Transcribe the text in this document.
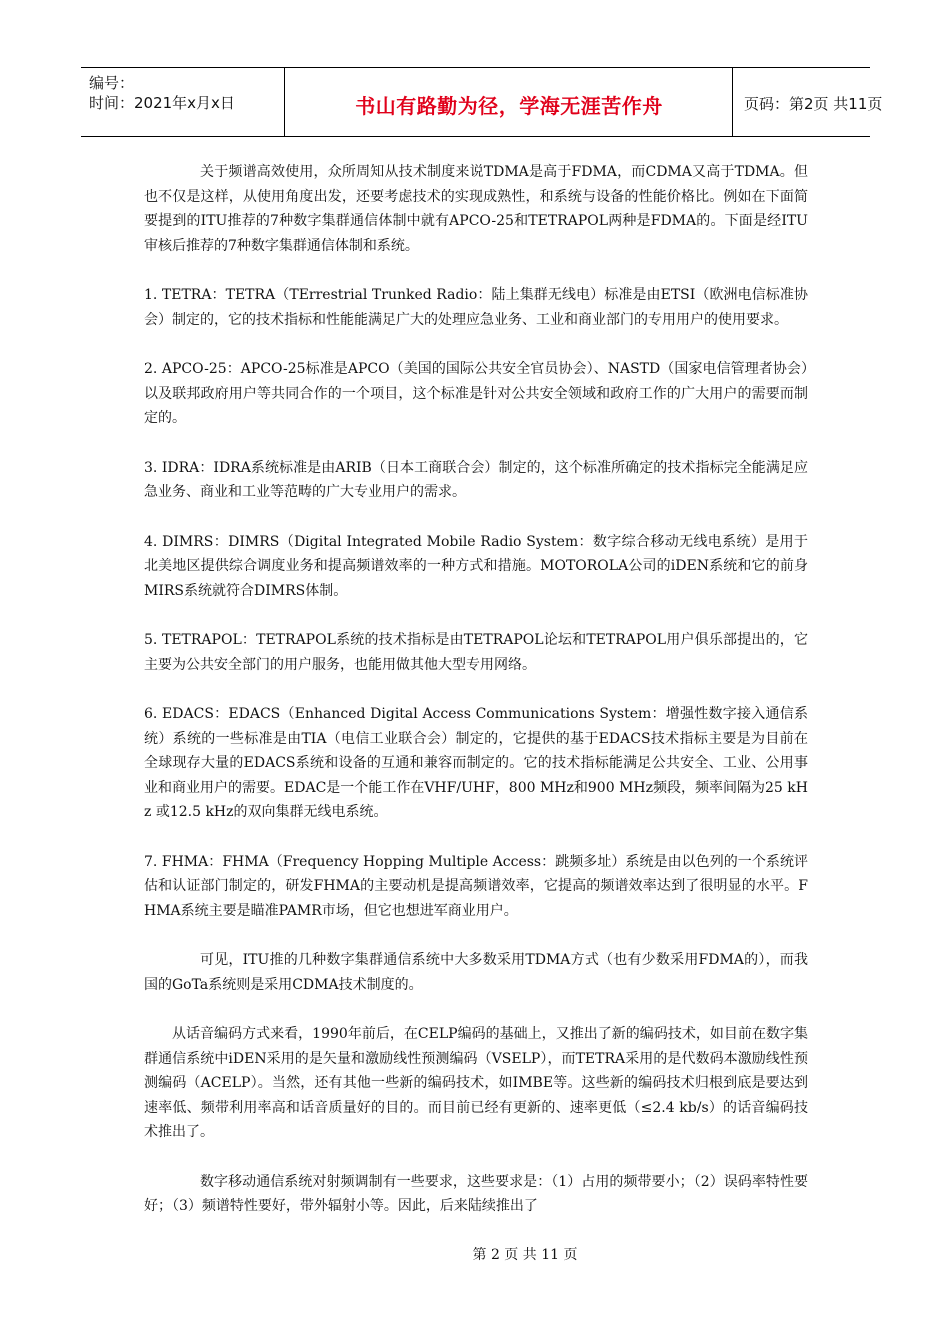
编号：
时间：2021年x月x日	书山有路勤为径，学海无涯苦作舟	页码：第2页 共11页

关于频谱高效使用，众所周知从技术制度来说TDMA是高于FDMA，而CDMA又高于TDMA。但也不仅是这样，从使用角度出发，还要考虑技术的实现成熟性，和系统与设备的性能价格比。例如在下面简要提到的ITU推荐的7种数字集群通信体制中就有APCO-25和TETRAPOL两种是FDMA的。下面是经ITU审核后推荐的7种数字集群通信体制和系统。

1. TETRA：TETRA（TErrestrial Trunked Radio：陆上集群无线电）标准是由ETSI（欧洲电信标准协会）制定的，它的技术指标和性能能满足广大的处理应急业务、工业和商业部门的专用用户的使用要求。

2. APCO-25：APCO-25标准是APCO（美国的国际公共安全官员协会）、NASTD（国家电信管理者协会）以及联邦政府用户等共同合作的一个项目，这个标准是针对公共安全领域和政府工作的广大用户的需要而制定的。

3. IDRA：IDRA系统标准是由ARIB（日本工商联合会）制定的，这个标准所确定的技术指标完全能满足应急业务、商业和工业等范畴的广大专业用户的需求。

4. DIMRS：DIMRS（Digital Integrated Mobile Radio System：数字综合移动无线电系统）是用于北美地区提供综合调度业务和提高频谱效率的一种方式和措施。MOTOROLA公司的iDEN系统和它的前身MIRS系统就符合DIMRS体制。

5. TETRAPOL：TETRAPOL系统的技术指标是由TETRAPOL论坛和TETRAPOL用户俱乐部提出的，它主要为公共安全部门的用户服务，也能用做其他大型专用网络。

6. EDACS：EDACS（Enhanced Digital Access Communications System：增强性数字接入通信系统）系统的一些标准是由TIA（电信工业联合会）制定的，它提供的基于EDACS技术指标主要是为目前在全球现存大量的EDACS系统和设备的互通和兼容而制定的。它的技术指标能满足公共安全、工业、公用事业和商业用户的需要。EDAC是一个能工作在VHF/UHF，800 MHz和900 MHz频段，频率间隔为25 kHz 或12.5 kHz的双向集群无线电系统。

7. FHMA：FHMA（Frequency Hopping Multiple Access：跳频多址）系统是由以色列的一个系统评估和认证部门制定的，研发FHMA的主要动机是提高频谱效率，它提高的频谱效率达到了很明显的水平。FHMA系统主要是瞄准PAMR市场，但它也想进军商业用户。

可见，ITU推的几种数字集群通信系统中大多数采用TDMA方式（也有少数采用FDMA的），而我国的GoTa系统则是采用CDMA技术制度的。

从话音编码方式来看，1990年前后，在CELP编码的基础上，又推出了新的编码技术，如目前在数字集群通信系统中iDEN采用的是矢量和激励线性预测编码（VSELP），而TETRA采用的是代数码本激励线性预测编码（ACELP）。当然，还有其他一些新的编码技术，如IMBE等。这些新的编码技术归根到底是要达到速率低、频带利用率高和话音质量好的目的。而目前已经有更新的、速率更低（≤2.4 kb/s）的话音编码技术推出了。

数字移动通信系统对射频调制有一些要求，这些要求是：（1）占用的频带要小；（2）误码率特性要好；（3）频谱特性要好，带外辐射小等。因此，后来陆续推出了

第 2 页 共 11 页
